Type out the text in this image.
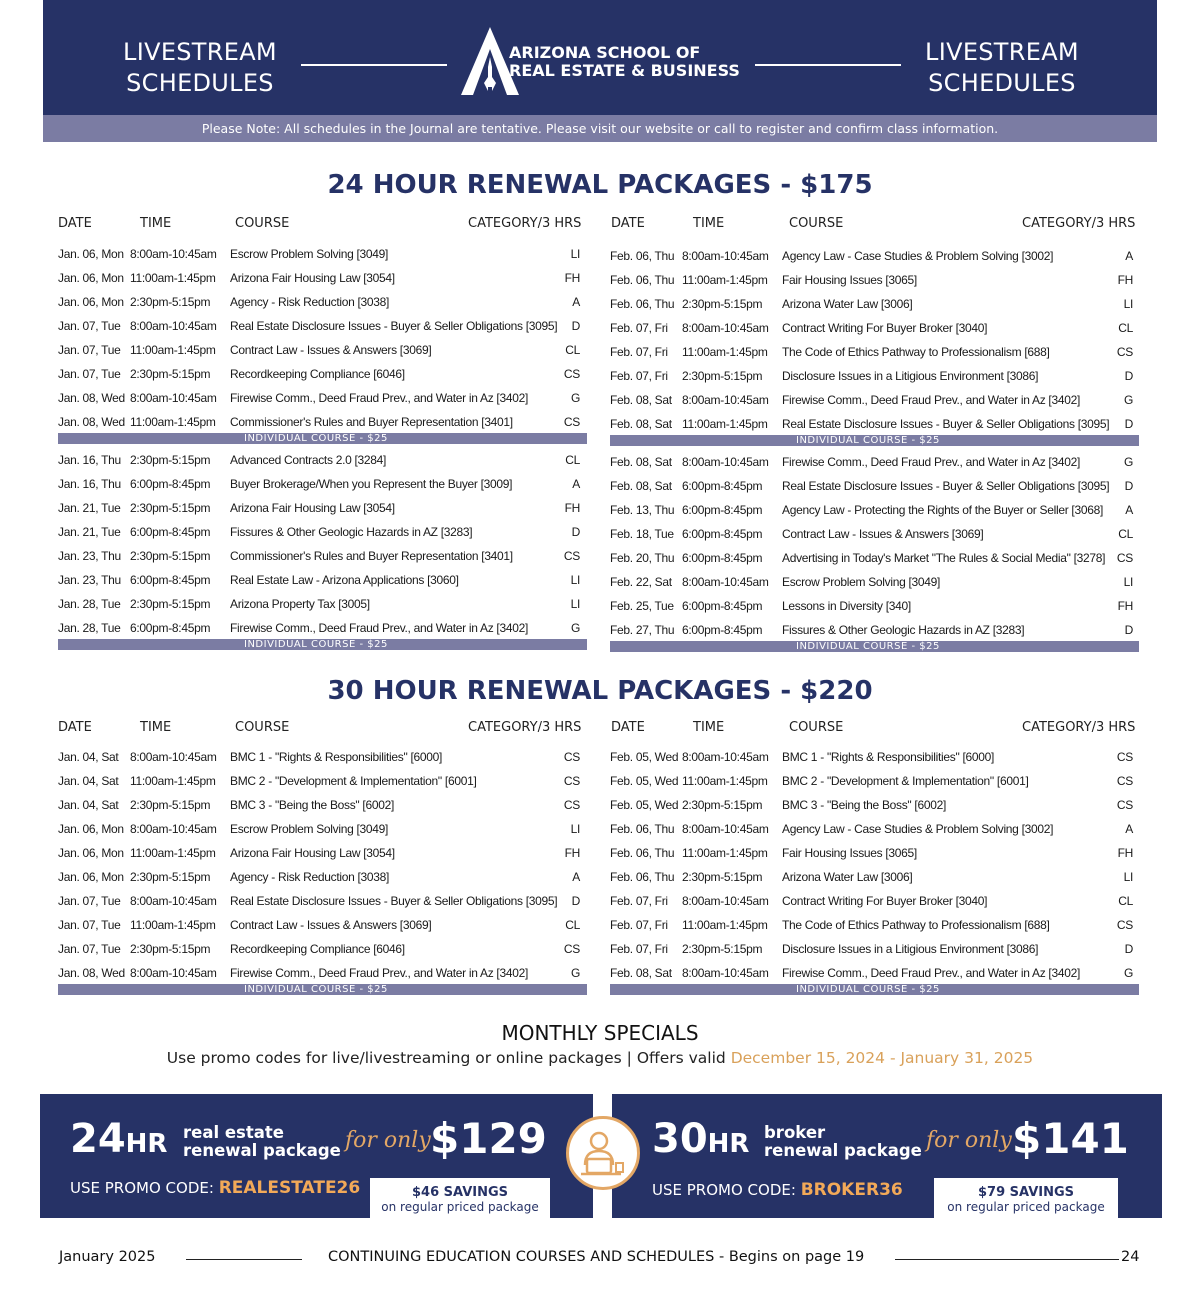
LIVESTREAM SCHEDULES
ARIZONA SCHOOL OF
REAL ESTATE & BUSINESS
LIVESTREAM SCHEDULES
Please Note: All schedules in the Journal are tentative. Please visit our website or call to register and confirm class information.
24 HOUR RENEWAL PACKAGES - $175
DATE	TIME	COURSE	CATEGORY/3 HRS
Jan. 06, Mon 8:00am-10:45am Escrow Problem Solving [3049]	LI
Jan. 06, Mon 11:00am-1:45pm Arizona Fair Housing Law [3054]	FH
Jan. 06, Mon 2:30pm-5:15pm Agency - Risk Reduction [3038]	A
Jan. 07, Tue 8:00am-10:45am Real Estate Disclosure Issues - Buyer & Seller Obligations [3095] D
Jan. 07, Tue 11:00am-1:45pm Contract Law - Issues & Answers [3069]	CL
Jan. 07, Tue 2:30pm-5:15pm Recordkeeping Compliance [6046]	CS
Jan. 08, Wed 8:00am-10:45am Firewise Comm., Deed Fraud Prev., and Water in Az [3402]	G
Jan. 08, Wed 11:00am-1:45pm Commissioner's Rules and Buyer Representation [3401]	CS
INDIVIDUAL COURSE - $25
Jan. 16, Thu 2:30pm-5:15pm Advanced Contracts 2.0 [3284]	CL
Jan. 16, Thu 6:00pm-8:45pm Buyer Brokerage/When you Represent the Buyer [3009]	A
Jan. 21, Tue 2:30pm-5:15pm Arizona Fair Housing Law [3054]	FH
Jan. 21, Tue 6:00pm-8:45pm Fissures & Other Geologic Hazards in AZ [3283]	D
Jan. 23, Thu 2:30pm-5:15pm Commissioner's Rules and Buyer Representation [3401]	CS
Jan. 23, Thu 6:00pm-8:45pm Real Estate Law - Arizona Applications [3060]	LI
Jan. 28, Tue 2:30pm-5:15pm Arizona Property Tax [3005]	LI
Jan. 28, Tue 6:00pm-8:45pm Firewise Comm., Deed Fraud Prev., and Water in Az [3402]	G
INDIVIDUAL COURSE - $25
DATE	TIME	COURSE	CATEGORY/3 HRS
Feb. 06, Thu 8:00am-10:45am Agency Law - Case Studies & Problem Solving [3002]	A
Feb. 06, Thu 11:00am-1:45pm Fair Housing Issues [3065]	FH
Feb. 06, Thu 2:30pm-5:15pm Arizona Water Law [3006]	LI
Feb. 07, Fri 8:00am-10:45am Contract Writing For Buyer Broker [3040]	CL
Feb. 07, Fri 11:00am-1:45pm The Code of Ethics Pathway to Professionalism [688]	CS
Feb. 07, Fri 2:30pm-5:15pm Disclosure Issues in a Litigious Environment [3086]	D
Feb. 08, Sat 8:00am-10:45am Firewise Comm., Deed Fraud Prev., and Water in Az [3402]	G
Feb. 08, Sat 11:00am-1:45pm Real Estate Disclosure Issues - Buyer & Seller Obligations [3095] D
INDIVIDUAL COURSE - $25
Feb. 08, Sat 8:00am-10:45am Firewise Comm., Deed Fraud Prev., and Water in Az [3402]	G
Feb. 08, Sat 6:00pm-8:45pm Real Estate Disclosure Issues - Buyer & Seller Obligations [3095] D
Feb. 13, Thu 6:00pm-8:45pm Agency Law - Protecting the Rights of the Buyer or Seller [3068] A
Feb. 18, Tue 6:00pm-8:45pm Contract Law - Issues & Answers [3069]	CL
Feb. 20, Thu 6:00pm-8:45pm Advertising in Today's Market "The Rules & Social Media" [3278] CS
Feb. 22, Sat 8:00am-10:45am Escrow Problem Solving [3049]	LI
Feb. 25, Tue 6:00pm-8:45pm Lessons in Diversity [340]	FH
Feb. 27, Thu 6:00pm-8:45pm Fissures & Other Geologic Hazards in AZ [3283]	D
INDIVIDUAL COURSE - $25
30 HOUR RENEWAL PACKAGES - $220
DATE	TIME	COURSE	CATEGORY/3 HRS
Jan. 04, Sat 8:00am-10:45am BMC 1 - "Rights & Responsibilities" [6000]	CS
Jan. 04, Sat 11:00am-1:45pm BMC 2 - "Development & Implementation" [6001]	CS
Jan. 04, Sat 2:30pm-5:15pm BMC 3 - "Being the Boss" [6002]	CS
Jan. 06, Mon 8:00am-10:45am Escrow Problem Solving [3049]	LI
Jan. 06, Mon 11:00am-1:45pm Arizona Fair Housing Law [3054]	FH
Jan. 06, Mon 2:30pm-5:15pm Agency - Risk Reduction [3038]	A
Jan. 07, Tue 8:00am-10:45am Real Estate Disclosure Issues - Buyer & Seller Obligations [3095] D
Jan. 07, Tue 11:00am-1:45pm Contract Law - Issues & Answers [3069]	CL
Jan. 07, Tue 2:30pm-5:15pm Recordkeeping Compliance [6046]	CS
Jan. 08, Wed 8:00am-10:45am Firewise Comm., Deed Fraud Prev., and Water in Az [3402]	G
INDIVIDUAL COURSE - $25
DATE	TIME	COURSE	CATEGORY/3 HRS
Feb. 05, Wed 8:00am-10:45am BMC 1 - "Rights & Responsibilities" [6000]	CS
Feb. 05, Wed 11:00am-1:45pm BMC 2 - "Development & Implementation" [6001]	CS
Feb. 05, Wed 2:30pm-5:15pm BMC 3 - "Being the Boss" [6002]	CS
Feb. 06, Thu 8:00am-10:45am Agency Law - Case Studies & Problem Solving [3002]	A
Feb. 06, Thu 11:00am-1:45pm Fair Housing Issues [3065]	FH
Feb. 06, Thu 2:30pm-5:15pm Arizona Water Law [3006]	LI
Feb. 07, Fri 8:00am-10:45am Contract Writing For Buyer Broker [3040]	CL
Feb. 07, Fri 11:00am-1:45pm The Code of Ethics Pathway to Professionalism [688]	CS
Feb. 07, Fri 2:30pm-5:15pm Disclosure Issues in a Litigious Environment [3086]	D
Feb. 08, Sat 8:00am-10:45am Firewise Comm., Deed Fraud Prev., and Water in Az [3402]	G
INDIVIDUAL COURSE - $25
MONTHLY SPECIALS
Use promo codes for live/livestreaming or online packages | Offers valid December 15, 2024 - January 31, 2025
24HR real estate
renewal package for only $129
USE PROMO CODE: REALESTATE26	$46 SAVINGS
on regular priced package
30HR broker
renewal package for only $141
USE PROMO CODE: BROKER36	$79 SAVINGS
on regular priced package
January 2025	CONTINUING EDUCATION COURSES AND SCHEDULES - Begins on page 19	24
